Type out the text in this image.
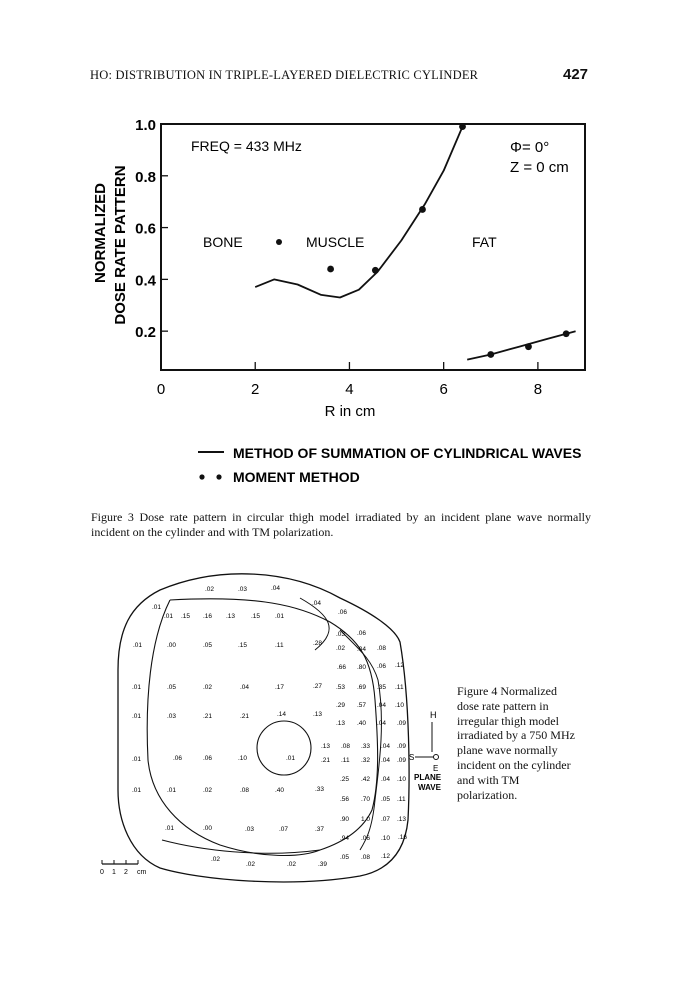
HO: DISTRIBUTION IN TRIPLE-LAYERED DIELECTRIC CYLINDER	427
1.0
0.8
0.6
0.4
0.2
0	2	4	6	8
NORMALIZED DOSE RATE PATTERN
R in cm
FREQ = 433 MHz	Φ= 0°
Z = 0 cm
BONE	MUSCLE	FAT
METHOD OF SUMMATION OF CYLINDRICAL WAVES
MOMENT METHOD
Figure 3 Dose rate pattern in circular thigh model irradiated by an incident plane wave normally incident on the cylinder and with TM polarization.
.02	.03	.04
.01
.04
.06
.01 .15 .16 .13 .15 .01
.03 .06
.01	.00	.05	.15	.11	.28
.02 .04 .08
.66 .80 .06 .12
.01	.05	.02	.04	.17	.27 .53 .69 .35 .11
.29 .57 .04 .10
.01	.03	.21	.21	.14	.13
.13 .40 .04 .09
.13 .08 .33 .04 .09
.01	.06	.06	.10	.01	.21 .11 .32 .04 .09
.25 .42 .04 .10
.01	.01	.02	.08	.40	.33
.56 .70 .05 .11
.90 1.0 .07 .13
.01	.00	.03	.07	.37
.94 .06 .10 .16
.05 .08 .12
.02
.02	.02	.39
H
S
E
PLANE
WAVE
0 1 2 cm
Figure 4 Normalized
dose rate pattern in
irregular thigh model
irradiated by a 750 MHz
plane wave normally
incident on the cylinder
and with TM
polarization.
